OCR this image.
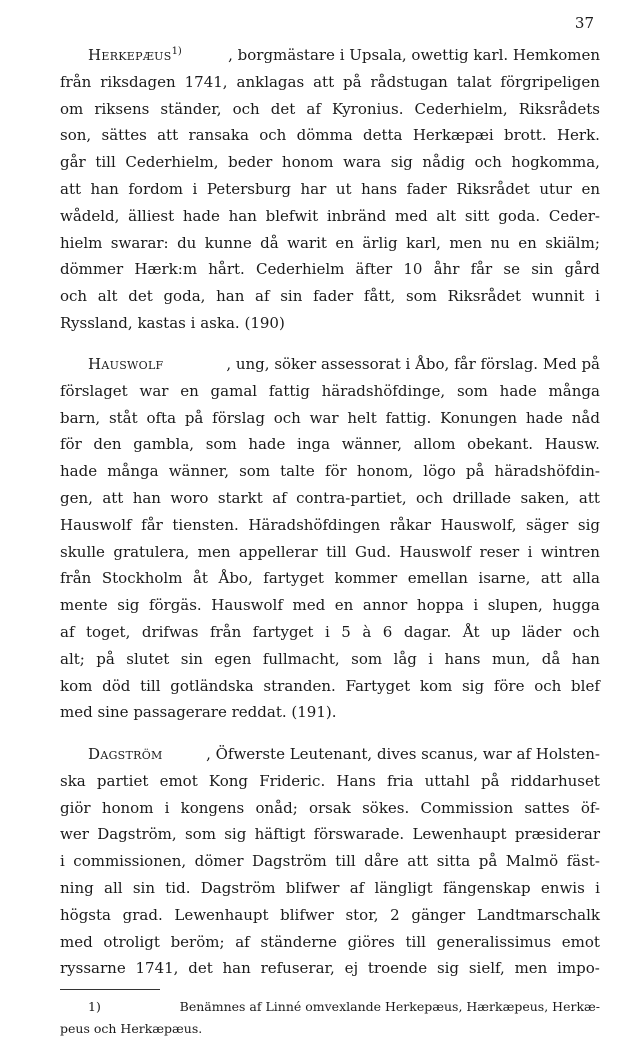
37
Herkepæus$^{1)}$	, borgmästare i Upsala, owettig karl. Hemkomen
från riksdagen 1741, anklagas att på rådstugan talat förgripeligen
om riksens ständer, och det af Kyronius. Cederhielm, Riksrådets
son, sättes att ransaka och dömma detta Herkæpæi brott. Herk.
går till Cederhielm, beder honom wara sig nådig och hogkomma,
att han fordom i Petersburg har ut hans fader Riksrådet utur en
wådeld, älliest hade han blefwit inbränd med alt sitt goda. Ceder-
hielm swarar: du kunne då warit en ärlig karl, men nu en skiälm;
dömmer Hærk:m hårt. Cederhielm äfter 10 åhr får se sin gård
och alt det goda, han af sin fader fått, som Riksrådet wunnit i
Ryssland, kastas i aska. (190)
Hauswolf	, ung, söker assessorat i Åbo, får förslag. Med på
förslaget war en gamal fattig häradshöfdinge, som hade många
barn, ståt ofta på förslag och war helt fattig. Konungen hade nåd
för den gambla, som hade inga wänner, allom obekant. Hausw.
hade många wänner, som talte för honom, lögo på häradshöfdin-
gen, att han woro starkt af contra-partiet, och drillade saken, att
Hauswolf får tiensten. Häradshöfdingen råkar Hauswolf, säger sig
skulle gratulera, men appellerar till Gud. Hauswolf reser i wintren
från Stockholm åt Åbo, fartyget kommer emellan isarne, att alla
mente sig förgäs. Hauswolf med en annor hoppa i slupen, hugga
af toget, drifwas från fartyget i 5 à 6 dagar. Åt up läder och
alt; på slutet sin egen fullmacht, som låg i hans mun, då han
kom död till gotländska stranden. Fartyget kom sig före och blef
med sine passagerare reddat. (191).
Dagström	, Öfwerste Leutenant, dives scanus, war af Holsten-
ska partiet emot Kong Frideric. Hans fria uttahl på riddarhuset
giör honom i kongens onåd; orsak sökes. Commission sattes öf-
wer Dagström, som sig häftigt förswarade. Lewenhaupt præsiderar
i commissionen, dömer Dagström till dåre att sitta på Malmö fäst-
ning all sin tid. Dagström blifwer af längligt fängenskap enwis i
högsta grad. Lewenhaupt blifwer stor, 2 gänger Landtmarschalk
med otroligt beröm; af ständerne giöres till generalissimus emot
ryssarne 1741, det han refuserar, ej troende sig sielf, men impo-
1)	Benämnes af Linné omvexlande Herkepæus, Hærkæpeus, Herkæ-
peus och Herkæpæus.
